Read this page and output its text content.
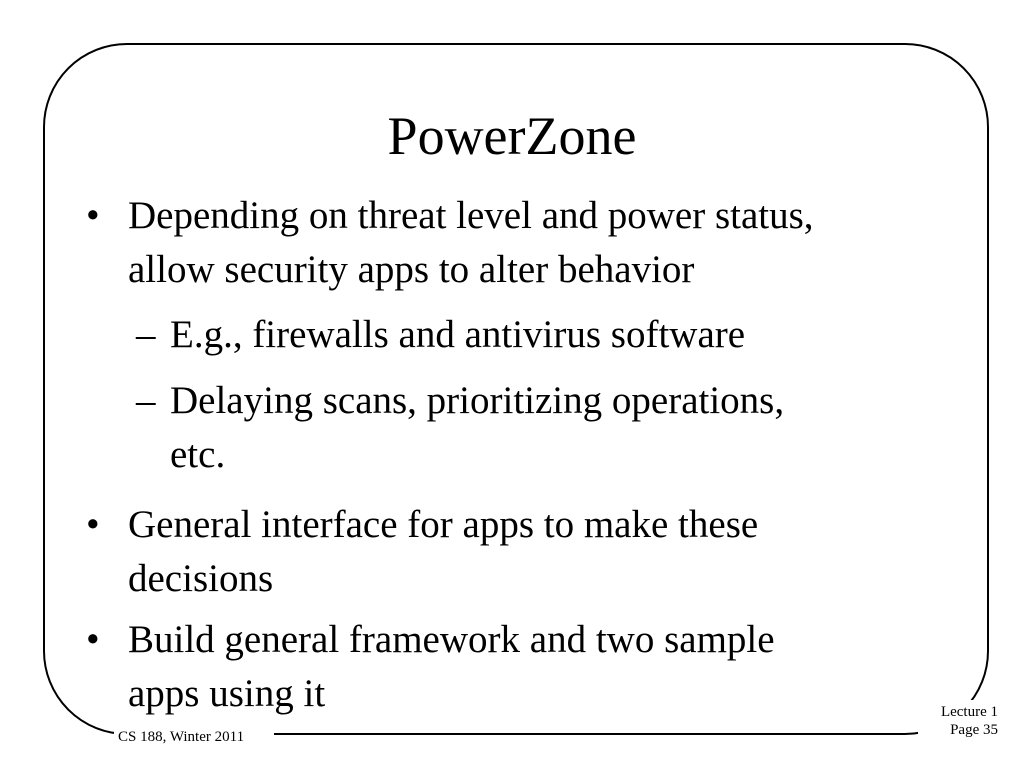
PowerZone
• Depending on threat level and power status,
allow security apps to alter behavior
– E.g., firewalls and antivirus software
– Delaying scans, prioritizing operations,
etc.
• General interface for apps to make these
decisions
• Build general framework and two sample
apps using it
CS 188, Winter 2011
Lecture 1
Page 35
